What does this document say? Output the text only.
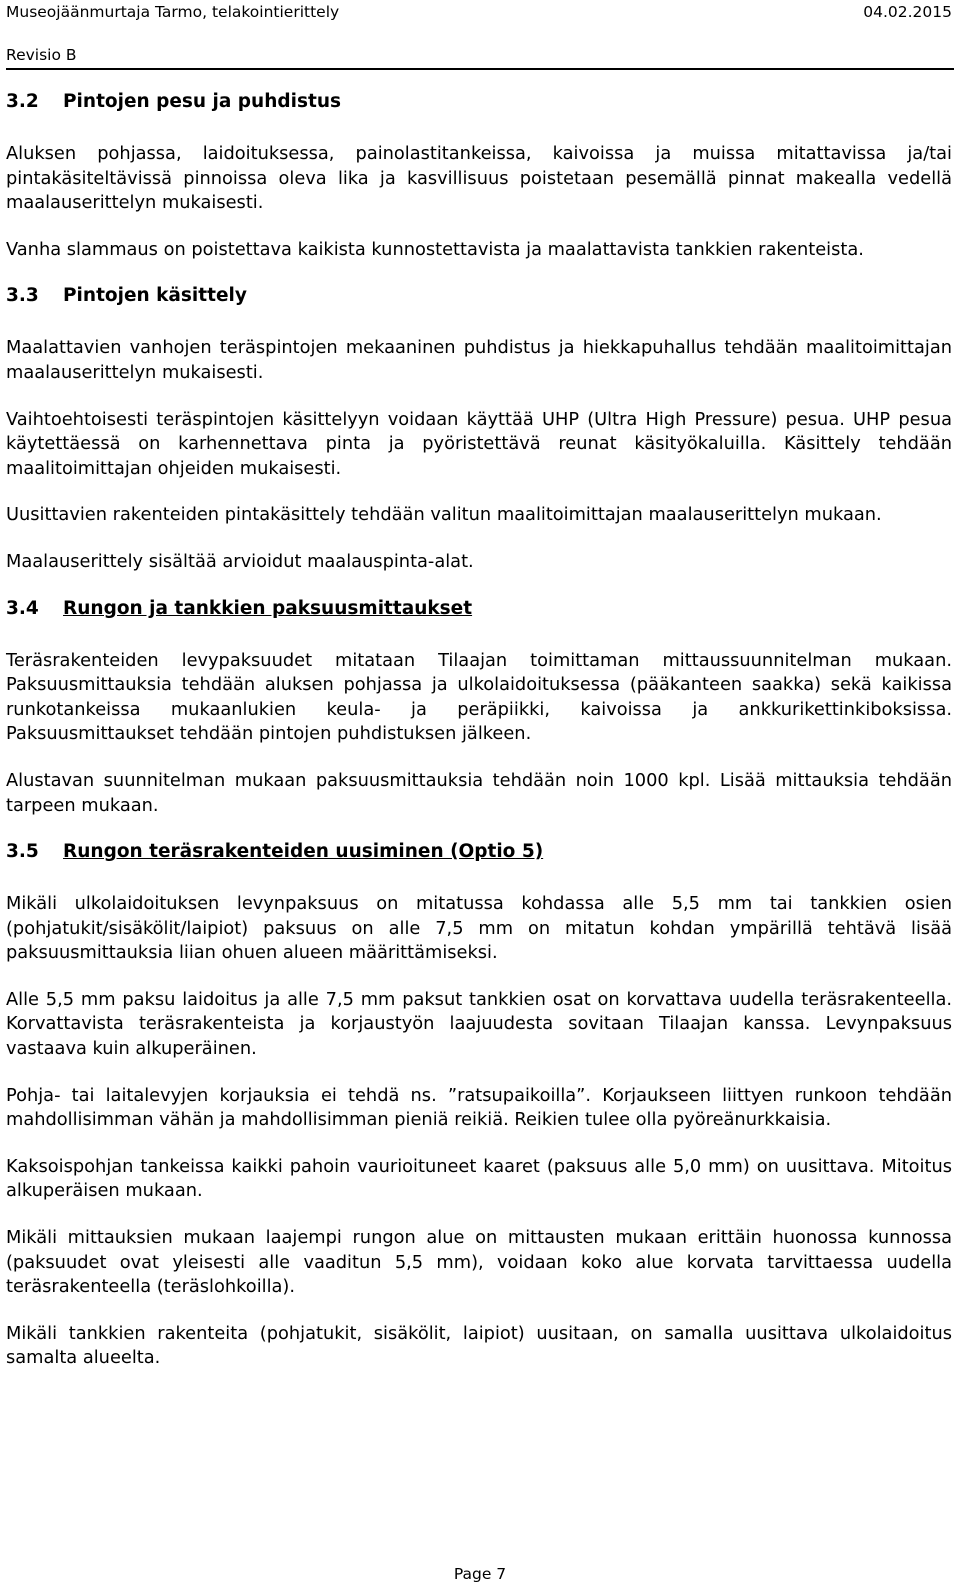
Museojäänmurtaja Tarmo, telakointierittely	04.02.2015
Revisio B
3.2 Pintojen pesu ja puhdistus

Aluksen pohjassa, laidoituksessa, painolastitankeissa, kaivoissa ja muissa mitattavissa ja/tai pintakäsiteltävissä pinnoissa oleva lika ja kasvillisuus poistetaan pesemällä pinnat makealla vedellä maalauserittelyn mukaisesti.

Vanha slammaus on poistettava kaikista kunnostettavista ja maalattavista tankkien rakenteista.

3.3 Pintojen käsittely

Maalattavien vanhojen teräspintojen mekaaninen puhdistus ja hiekkapuhallus tehdään maalitoimittajan maalauserittelyn mukaisesti.

Vaihtoehtoisesti teräspintojen käsittelyyn voidaan käyttää UHP (Ultra High Pressure) pesua. UHP pesua käytettäessä on karhennettava pinta ja pyöristettävä reunat käsityökaluilla. Käsittely tehdään maalitoimittajan ohjeiden mukaisesti.

Uusittavien rakenteiden pintakäsittely tehdään valitun maalitoimittajan maalauserittelyn mukaan.

Maalauserittely sisältää arvioidut maalauspinta-alat.

3.4 Rungon ja tankkien paksuusmittaukset

Teräsrakenteiden levypaksuudet mitataan Tilaajan toimittaman mittaussuunnitelman mukaan. Paksuusmittauksia tehdään aluksen pohjassa ja ulkolaidoituksessa (pääkanteen saakka) sekä kaikissa runkotankeissa mukaanlukien keula- ja peräpiikki, kaivoissa ja ankkurikettinkiboksissa. Paksuusmittaukset tehdään pintojen puhdistuksen jälkeen.

Alustavan suunnitelman mukaan paksuusmittauksia tehdään noin 1000 kpl. Lisää mittauksia tehdään tarpeen mukaan.

3.5 Rungon teräsrakenteiden uusiminen (Optio 5)

Mikäli ulkolaidoituksen levynpaksuus on mitatussa kohdassa alle 5,5 mm tai tankkien osien (pohjatukit/sisäkölit/laipiot) paksuus on alle 7,5 mm on mitatun kohdan ympärillä tehtävä lisää paksuusmittauksia liian ohuen alueen määrittämiseksi.

Alle 5,5 mm paksu laidoitus ja alle 7,5 mm paksut tankkien osat on korvattava uudella teräsrakenteella. Korvattavista teräsrakenteista ja korjaustyön laajuudesta sovitaan Tilaajan kanssa. Levynpaksuus vastaava kuin alkuperäinen.

Pohja- tai laitalevyjen korjauksia ei tehdä ns. ”ratsupaikoilla”. Korjaukseen liittyen runkoon tehdään mahdollisimman vähän ja mahdollisimman pieniä reikiä. Reikien tulee olla pyöreänurkkaisia.

Kaksoispohjan tankeissa kaikki pahoin vaurioituneet kaaret (paksuus alle 5,0 mm) on uusittava. Mitoitus alkuperäisen mukaan.

Mikäli mittauksien mukaan laajempi rungon alue on mittausten mukaan erittäin huonossa kunnossa (paksuudet ovat yleisesti alle vaaditun 5,5 mm), voidaan koko alue korvata tarvittaessa uudella teräsrakenteella (teräslohkoilla).

Mikäli tankkien rakenteita (pohjatukit, sisäkölit, laipiot) uusitaan, on samalla uusittava ulkolaidoitus samalta alueelta.

Page 7
